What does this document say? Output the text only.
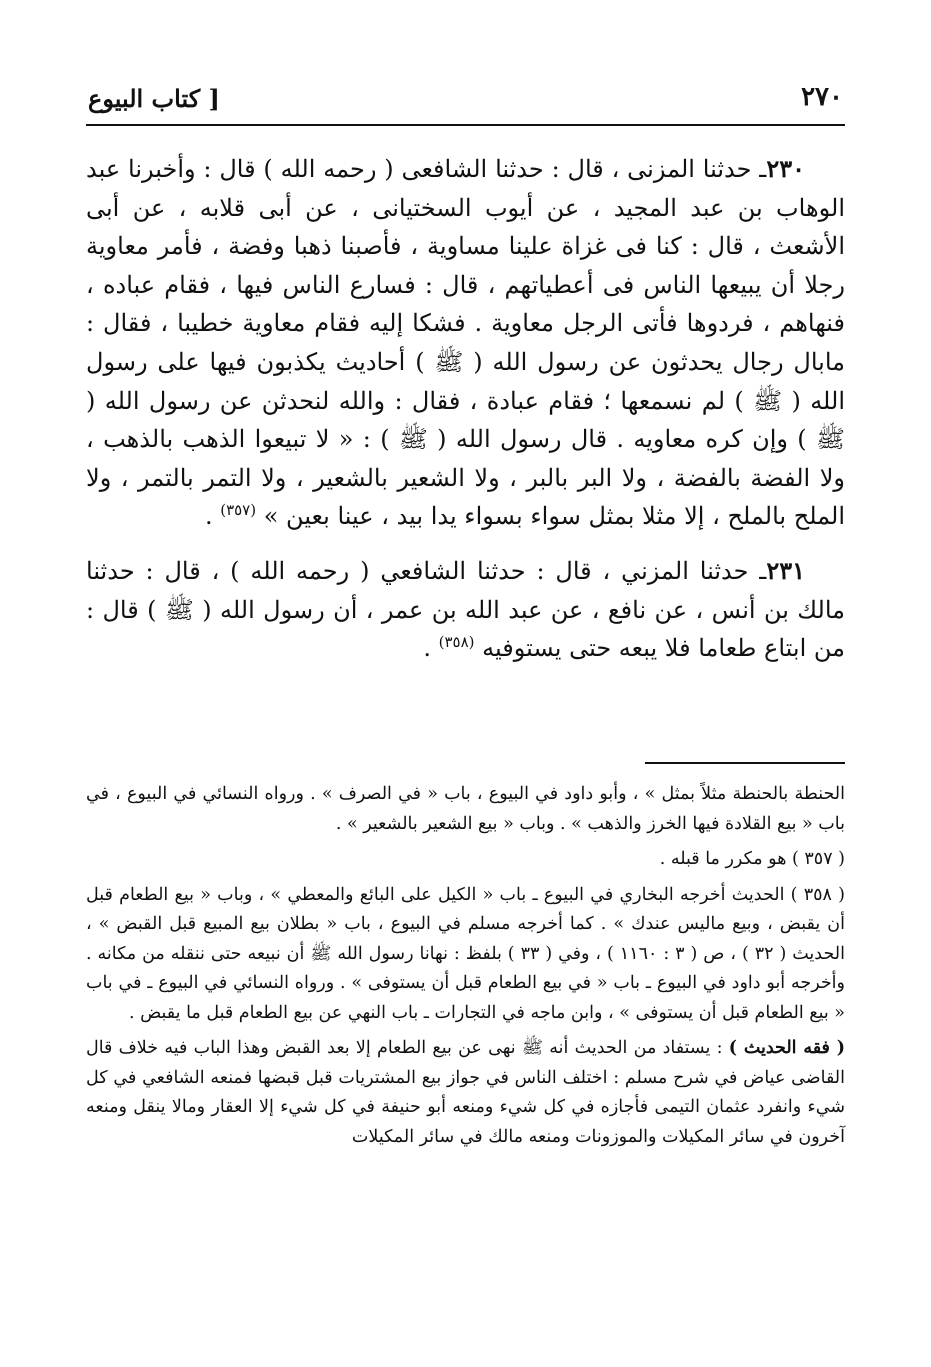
٢٧٠
[ كتاب البيوع

٢٣٠ـ حدثنا المزنى ، قال : حدثنا الشافعى ( رحمه الله ) قال : وأخبرنا عبد الوهاب بن عبد المجيد ، عن أيوب السختيانى ، عن أبى قلابه ، عن أبى الأشعث ، قال : كنا فى غزاة علينا مساوية ، فأصبنا ذهبا وفضة ، فأمر معاوية رجلا أن يبيعها الناس فى أعطياتهم ، قال : فسارع الناس فيها ، فقام عباده ، فنهاهم ، فردوها فأتى الرجل معاوية . فشكا إليه فقام معاوية خطيبا ، فقال : مابال رجال يحدثون عن رسول الله ( ﷺ ) أحاديث يكذبون فيها على رسول الله ( ﷺ ) لم نسمعها ؛ فقام عبادة ، فقال : والله لنحدثن عن رسول الله ( ﷺ ) وإن كره معاويه . قال رسول الله ( ﷺ ) : « لا تبيعوا الذهب بالذهب ، ولا الفضة بالفضة ، ولا البر بالبر ، ولا الشعير بالشعير ، ولا التمر بالتمر ، ولا الملح بالملح ، إلا مثلا بمثل سواء بسواء يدا بيد ، عينا بعين » $^{(٣٥٧)}$ .

٢٣١ـ حدثنا المزني ، قال : حدثنا الشافعي ( رحمه الله ) ، قال : حدثنا مالك بن أنس ، عن نافع ، عن عبد الله بن عمر ، أن رسول الله ( ﷺ ) قال : من ابتاع طعاما فلا يبعه حتى يستوفيه $^{(٣٥٨)}$ .

الحنطة بالحنطة مثلاً بمثل » ، وأبو داود في البيوع ، باب « في الصرف » . ورواه النسائي في البيوع ، في باب « بيع القلادة فيها الخرز والذهب » . وباب « بيع الشعير بالشعير » .

( ٣٥٧ ) هو مكرر ما قبله .

( ٣٥٨ ) الحديث أخرجه البخاري في البيوع ـ باب « الكيل على البائع والمعطي » ، وباب « بيع الطعام قبل أن يقبض ، وبيع ماليس عندك » . كما أخرجه مسلم في البيوع ، باب « بطلان بيع المبيع قبل القبض » ، الحديث ( ٣٢ ) ، ص ( ٣ : ١١٦٠ ) ، وفي ( ٣٣ ) بلفظ : نهانا رسول الله ﷺ أن نبيعه حتى ننقله من مكانه . وأخرجه أبو داود في البيوع ـ باب « في بيع الطعام قبل أن يستوفى » . ورواه النسائي في البيوع ـ في باب « بيع الطعام قبل أن يستوفى » ، وابن ماجه في التجارات ـ باب النهي عن بيع الطعام قبل ما يقبض .

( فقه الحديث ) : يستفاد من الحديث أنه ﷺ نهى عن بيع الطعام إلا بعد القبض وهذا الباب فيه خلاف قال القاضى عياض في شرح مسلم : اختلف الناس في جواز بيع المشتريات قبل قبضها فمنعه الشافعي في كل شيء وانفرد عثمان التيمى فأجازه في كل شيء ومنعه أبو حنيفة في كل شيء إلا العقار ومالا ينقل ومنعه آخرون في سائر المكيلات والموزونات ومنعه مالك في سائر المكيلات
